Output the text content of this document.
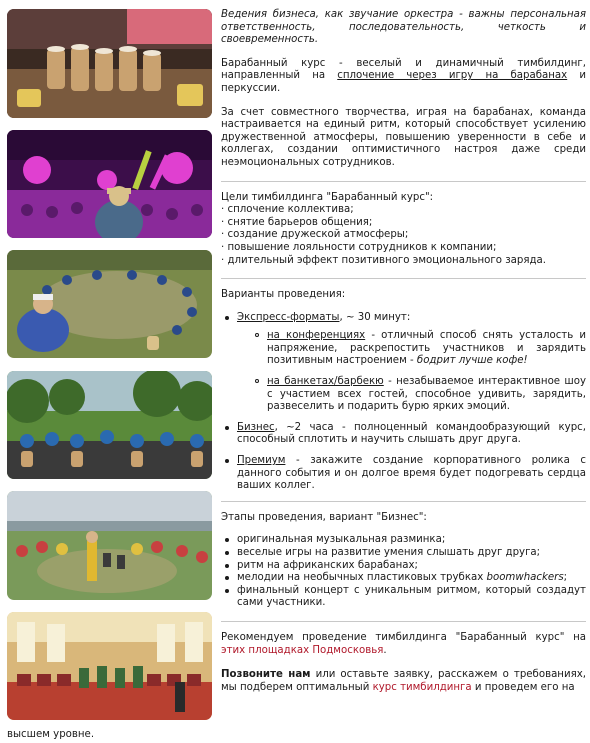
Ведения бизнеса, как звучание оркестра - важны персональная ответственность, последовательность, четкость и своевременность.

Барабанный курс - веселый и динамичный тимбилдинг, направленный на сплочение через игру на барабанах и перкуссии.

За счет совместного творчества, играя на барабанах, команда настраивается на единый ритм, который способствует усилению дружественной атмосферы, повышению уверенности в себе и коллегах, создании оптимистичного настроя даже среди неэмоциональных сотрудников.

Цели тимбилдинга "Барабанный курс":

· сплочение коллектива;
· снятие барьеров общения;
· создание дружеской атмосферы;
· повышение лояльности сотрудников к компании;
· длительный эффект позитивного эмоционального заряда.

Варианты проведения:

Экспресс-форматы, ~ 30 минут:
на конференциях - отличный способ снять усталость и напряжение, раскрепостить участников и зарядить позитивным настроением - бодрит лучше кофе!
на банкетах/барбекю - незабываемое интерактивное шоу с участием всех гостей, способное удивить, зарядить, развеселить и подарить бурю ярких эмоций.
Бизнес, ~2 часа - полноценный командообразующий курс, способный сплотить и научить слышать друг друга.
Премиум - закажите создание корпоративного ролика с данного события и он долгое время будет подогревать сердца ваших коллег.

Этапы проведения, вариант "Бизнес":

оригинальная музыкальная разминка;
веселые игры на развитие умения слышать друг друга;
ритм на африканских барабанах;
мелодии на необычных пластиковых трубках boomwhackers;
финальный концерт с уникальным ритмом, который создадут сами участники.

Рекомендуем проведение тимбилдинга "Барабанный курс" на этих площадках Подмосковья.

Позвоните нам или оставьте заявку, расскажем о требованиях, мы подберем оптимальный курс тимбилдинга и проведем его на

высшем уровне.
